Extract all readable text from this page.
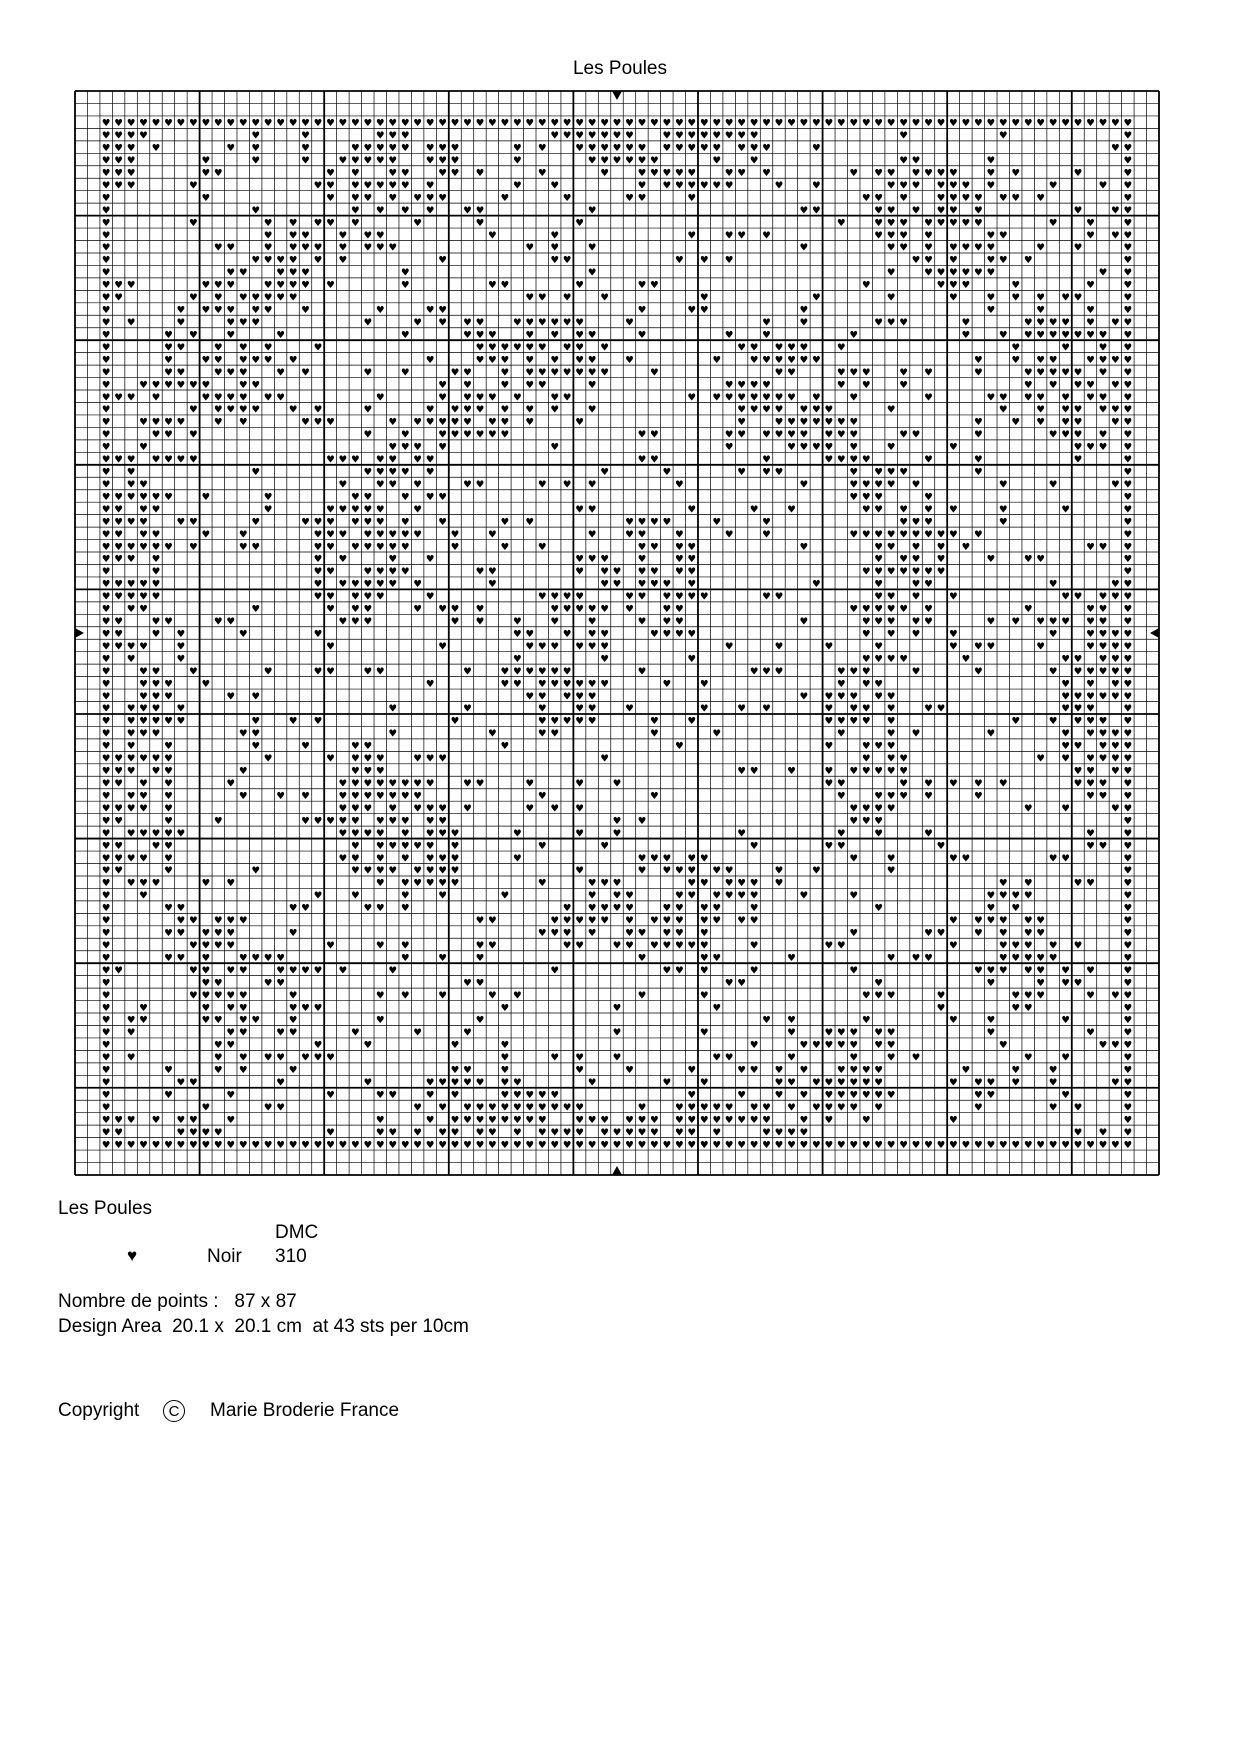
Les Poules
♥ ♥ ♥ ♥ ♥ ♥ ♥ ♥ ♥ ♥ ♥ ♥ ♥ ♥ ♥ ♥ ♥ ♥ ♥ ♥ ♥ ♥ ♥ ♥ ♥ ♥ ♥ ♥ ♥ ♥ ♥ ♥ ♥ ♥ ♥ ♥ ♥ ♥ ♥ ♥ ♥ ♥ ♥ ♥ ♥ ♥ ♥ ♥ ♥ ♥ ♥ ♥ ♥ ♥ ♥ ♥ ♥ ♥ ♥ ♥ ♥ ♥ ♥ ♥ ♥ ♥ ♥ ♥ ♥ ♥ ♥ ♥ ♥ ♥ ♥ ♥ ♥ ♥ ♥ ♥ ♥ ♥ ♥
♥ ♥ ♥ ♥	♥	♥	♥ ♥ ♥	♥ ♥ ♥ ♥ ♥ ♥ ♥	♥ ♥ ♥ ♥ ♥ ♥ ♥ ♥	♥	♥	♥
♥ ♥ ♥ ♥	♥ ♥	♥	♥ ♥ ♥ ♥ ♥ ♥ ♥ ♥	♥ ♥	♥ ♥ ♥ ♥ ♥ ♥ ♥ ♥ ♥ ♥ ♥ ♥ ♥ ♥	♥	♥ ♥
♥ ♥ ♥	♥	♥	♥	♥ ♥ ♥ ♥ ♥	♥ ♥ ♥	♥	♥ ♥ ♥ ♥ ♥ ♥	♥	♥	♥ ♥	♥	♥
♥ ♥ ♥	♥ ♥	♥ ♥	♥ ♥	♥ ♥ ♥	♥	♥	♥ ♥ ♥ ♥ ♥	♥ ♥ ♥	♥ ♥ ♥ ♥ ♥ ♥ ♥	♥ ♥	♥	♥
♥ ♥ ♥	♥	♥ ♥ ♥ ♥ ♥ ♥ ♥ ♥	♥	♥	♥ ♥ ♥ ♥ ♥ ♥ ♥	♥	♥	♥ ♥ ♥ ♥ ♥ ♥ ♥	♥	♥ ♥
♥	♥	♥ ♥ ♥ ♥ ♥ ♥ ♥	♥	♥	♥ ♥	♥	♥ ♥ ♥	♥ ♥ ♥ ♥ ♥ ♥ ♥	♥
♥	♥	♥ ♥ ♥ ♥	♥ ♥	♥	♥ ♥	♥ ♥ ♥ ♥ ♥ ♥	♥	♥ ♥
♥	♥	♥ ♥ ♥ ♥ ♥	♥	♥	♥	♥	♥ ♥ ♥ ♥ ♥ ♥ ♥ ♥	♥	♥	♥
♥	♥ ♥ ♥	♥ ♥ ♥	♥	♥	♥	♥ ♥ ♥	♥ ♥ ♥ ♥	♥ ♥	♥ ♥ ♥
♥	♥ ♥	♥ ♥ ♥ ♥ ♥ ♥ ♥ ♥	♥ ♥	♥	♥	♥ ♥ ♥ ♥ ♥ ♥ ♥	♥	♥	♥
♥	♥ ♥ ♥ ♥ ♥ ♥	♥	♥ ♥	♥ ♥ ♥	♥ ♥ ♥	♥ ♥ ♥	♥
♥	♥ ♥	♥ ♥ ♥	♥	♥	♥	♥ ♥ ♥ ♥ ♥ ♥	♥ ♥
♥ ♥ ♥	♥ ♥ ♥	♥ ♥ ♥ ♥ ♥	♥	♥ ♥	♥	♥ ♥	♥	♥ ♥ ♥	♥	♥	♥
♥ ♥	♥ ♥ ♥ ♥ ♥ ♥ ♥	♥ ♥ ♥	♥	♥	♥	♥	♥	♥ ♥ ♥ ♥ ♥	♥
♥	♥ ♥ ♥ ♥ ♥ ♥	♥	♥	♥ ♥	♥	♥ ♥	♥	♥	♥	♥	♥
♥ ♥	♥	♥ ♥ ♥	♥	♥ ♥ ♥ ♥	♥ ♥ ♥ ♥ ♥ ♥	♥	♥	♥	♥ ♥ ♥	♥	♥ ♥ ♥ ♥ ♥ ♥ ♥
♥	♥ ♥	♥	♥	♥	♥ ♥ ♥	♥ ♥ ♥ ♥	♥	♥	♥	♥	♥	♥ ♥ ♥ ♥ ♥ ♥ ♥ ♥ ♥
♥	♥ ♥	♥ ♥ ♥	♥	♥ ♥ ♥ ♥ ♥ ♥ ♥ ♥ ♥	♥ ♥ ♥ ♥ ♥	♥	♥	♥	♥ ♥
♥	♥	♥ ♥ ♥ ♥ ♥ ♥	♥	♥ ♥ ♥ ♥ ♥ ♥ ♥	♥	♥	♥ ♥ ♥ ♥ ♥ ♥	♥	♥ ♥ ♥	♥ ♥ ♥ ♥
♥	♥ ♥	♥ ♥ ♥	♥ ♥	♥	♥	♥ ♥	♥ ♥ ♥ ♥ ♥ ♥ ♥ ♥	♥	♥ ♥	♥ ♥ ♥	♥ ♥	♥	♥ ♥ ♥ ♥ ♥ ♥ ♥
♥	♥ ♥ ♥ ♥ ♥ ♥	♥ ♥	♥ ♥	♥ ♥ ♥	♥	♥ ♥ ♥ ♥	♥ ♥	♥	♥ ♥ ♥ ♥ ♥ ♥
♥ ♥ ♥ ♥	♥ ♥ ♥ ♥ ♥ ♥	♥	♥ ♥ ♥ ♥ ♥	♥ ♥	♥ ♥ ♥ ♥ ♥ ♥ ♥ ♥ ♥	♥	♥	♥ ♥ ♥ ♥ ♥ ♥ ♥ ♥
♥	♥ ♥ ♥ ♥ ♥	♥ ♥	♥	♥ ♥ ♥ ♥ ♥ ♥ ♥	♥	♥ ♥ ♥ ♥ ♥ ♥ ♥	♥	♥	♥ ♥ ♥ ♥ ♥ ♥
♥	♥ ♥ ♥ ♥	♥ ♥	♥ ♥ ♥	♥ ♥ ♥ ♥ ♥ ♥ ♥ ♥ ♥	♥	♥	♥ ♥ ♥ ♥ ♥ ♥ ♥	♥	♥ ♥ ♥ ♥	♥ ♥
♥	♥ ♥ ♥	♥	♥	♥ ♥ ♥ ♥ ♥ ♥	♥ ♥	♥ ♥ ♥ ♥ ♥ ♥ ♥ ♥ ♥	♥ ♥	♥	♥ ♥ ♥ ♥ ♥
♥	♥	♥ ♥ ♥ ♥	♥	♥	♥ ♥ ♥ ♥ ♥	♥	♥	♥ ♥ ♥ ♥
♥ ♥ ♥ ♥ ♥ ♥ ♥	♥ ♥ ♥ ♥ ♥ ♥ ♥	♥ ♥	♥	♥ ♥ ♥ ♥	♥	♥	♥	♥
♥ ♥	♥	♥ ♥ ♥ ♥ ♥	♥	♥	♥ ♥ ♥	♥ ♥ ♥ ♥	♥	♥
♥ ♥ ♥	♥	♥ ♥ ♥	♥ ♥	♥ ♥ ♥	♥	♥	♥ ♥ ♥ ♥ ♥	♥	♥	♥ ♥
♥ ♥ ♥ ♥ ♥ ♥	♥	♥	♥ ♥	♥ ♥ ♥	♥ ♥ ♥	♥	♥
♥ ♥ ♥ ♥	♥	♥ ♥ ♥ ♥ ♥	♥	♥ ♥	♥	♥	♥	♥ ♥ ♥ ♥ ♥	♥	♥	♥
♥ ♥ ♥ ♥	♥ ♥	♥	♥ ♥ ♥ ♥ ♥ ♥ ♥	♥	♥ ♥	♥ ♥ ♥ ♥	♥	♥	♥ ♥ ♥	♥	♥
♥ ♥ ♥ ♥	♥	♥	♥ ♥ ♥ ♥ ♥ ♥ ♥ ♥	♥	♥	♥	♥ ♥	♥	♥	♥	♥ ♥ ♥ ♥ ♥ ♥ ♥ ♥ ♥ ♥	♥
♥ ♥ ♥ ♥ ♥ ♥ ♥	♥ ♥	♥ ♥ ♥ ♥ ♥ ♥ ♥	♥	♥	♥	♥ ♥ ♥ ♥	♥	♥ ♥ ♥ ♥ ♥	♥ ♥ ♥
♥ ♥ ♥ ♥	♥ ♥	♥	♥	♥ ♥ ♥	♥	♥ ♥	♥ ♥ ♥ ♥	♥	♥ ♥	♥
♥	♥	♥ ♥	♥ ♥ ♥ ♥	♥ ♥	♥ ♥ ♥ ♥ ♥ ♥ ♥	♥ ♥ ♥ ♥ ♥ ♥ ♥	♥
♥ ♥ ♥ ♥ ♥	♥ ♥ ♥ ♥ ♥ ♥ ♥	♥	♥ ♥ ♥ ♥ ♥ ♥	♥	♥	♥ ♥	♥	♥ ♥
♥ ♥ ♥ ♥ ♥	♥ ♥ ♥ ♥ ♥	♥	♥ ♥ ♥ ♥	♥ ♥ ♥ ♥ ♥ ♥	♥ ♥	♥ ♥ ♥	♥	♥ ♥ ♥ ♥ ♥
♥ ♥ ♥	♥	♥ ♥ ♥	♥ ♥ ♥ ♥	♥ ♥ ♥ ♥ ♥ ♥	♥ ♥	♥ ♥ ♥ ♥ ♥ ♥	♥	♥ ♥ ♥
♥ ♥	♥ ♥	♥ ♥	♥ ♥ ♥	♥ ♥	♥	♥	♥	♥ ♥ ♥	♥	♥ ♥ ♥ ♥ ♥	♥ ♥ ♥ ♥ ♥ ♥ ♥ ♥
♥ ♥	♥ ♥	♥	♥	♥ ♥	♥ ♥ ♥	♥ ♥ ♥ ♥	♥ ♥ ♥	♥	♥	♥ ♥ ♥ ♥
♥ ♥ ♥ ♥	♥	♥	♥	♥ ♥ ♥ ♥ ♥ ♥	♥	♥	♥	♥	♥ ♥ ♥	♥	♥ ♥ ♥ ♥
♥ ♥	♥	♥	♥	♥	♥ ♥ ♥ ♥	♥	♥ ♥ ♥ ♥ ♥
♥	♥ ♥	♥	♥	♥ ♥	♥ ♥	♥	♥ ♥ ♥ ♥ ♥ ♥	♥	♥ ♥ ♥	♥ ♥ ♥	♥	♥	♥ ♥ ♥ ♥ ♥ ♥
♥	♥ ♥ ♥	♥	♥	♥ ♥ ♥ ♥ ♥ ♥ ♥ ♥	♥	♥	♥ ♥ ♥	♥ ♥ ♥ ♥
♥	♥ ♥ ♥	♥ ♥	♥ ♥ ♥ ♥ ♥	♥ ♥ ♥ ♥ ♥ ♥	♥ ♥ ♥ ♥ ♥ ♥
♥ ♥ ♥ ♥ ♥	♥	♥	♥	♥ ♥	♥	♥	♥ ♥	♥ ♥ ♥ ♥	♥ ♥	♥ ♥ ♥	♥
♥ ♥ ♥ ♥ ♥ ♥	♥	♥ ♥	♥	♥ ♥ ♥ ♥ ♥	♥	♥	♥ ♥ ♥ ♥ ♥	♥	♥ ♥ ♥ ♥ ♥
♥ ♥ ♥ ♥	♥ ♥	♥	♥	♥ ♥	♥	♥	♥	♥ ♥	♥	♥ ♥ ♥ ♥ ♥
♥ ♥	♥	♥	♥	♥ ♥	♥	♥	♥	♥ ♥ ♥	♥ ♥ ♥ ♥ ♥
♥ ♥ ♥ ♥ ♥ ♥	♥	♥ ♥ ♥ ♥	♥ ♥ ♥	♥	♥ ♥ ♥	♥ ♥ ♥ ♥ ♥ ♥
♥ ♥ ♥ ♥ ♥	♥	♥ ♥ ♥	♥ ♥	♥	♥ ♥ ♥ ♥ ♥ ♥	♥ ♥ ♥ ♥
♥ ♥ ♥ ♥	♥	♥ ♥ ♥ ♥ ♥ ♥ ♥ ♥	♥ ♥	♥	♥	♥	♥ ♥	♥ ♥ ♥ ♥ ♥	♥ ♥ ♥ ♥
♥ ♥ ♥ ♥	♥	♥ ♥	♥ ♥ ♥ ♥ ♥ ♥ ♥	♥	♥	♥	♥ ♥ ♥ ♥	♥	♥ ♥ ♥
♥ ♥ ♥ ♥ ♥	♥ ♥ ♥ ♥ ♥ ♥ ♥ ♥	♥ ♥ ♥	♥ ♥ ♥ ♥	♥	♥	♥ ♥
♥ ♥	♥	♥	♥ ♥ ♥ ♥ ♥ ♥ ♥ ♥ ♥ ♥	♥ ♥	♥ ♥ ♥	♥
♥ ♥ ♥ ♥ ♥ ♥	♥ ♥ ♥ ♥ ♥ ♥ ♥ ♥	♥	♥	♥	♥	♥	♥	♥	♥	♥
♥ ♥	♥ ♥	♥ ♥ ♥ ♥ ♥ ♥ ♥	♥	♥	♥	♥ ♥	♥	♥ ♥ ♥
♥ ♥ ♥ ♥ ♥	♥ ♥ ♥ ♥ ♥ ♥ ♥	♥	♥ ♥ ♥ ♥ ♥	♥	♥	♥ ♥	♥ ♥	♥
♥ ♥	♥	♥	♥ ♥ ♥ ♥ ♥ ♥ ♥ ♥	♥	♥ ♥ ♥ ♥ ♥ ♥	♥	♥	♥	♥
♥ ♥ ♥ ♥	♥ ♥	♥ ♥ ♥ ♥ ♥ ♥	♥	♥ ♥ ♥	♥ ♥ ♥ ♥ ♥ ♥	♥ ♥	♥ ♥	♥
♥	♥	♥	♥	♥	♥	♥	♥ ♥ ♥	♥ ♥ ♥ ♥ ♥ ♥	♥	♥	♥ ♥ ♥ ♥	♥
♥	♥ ♥	♥ ♥	♥ ♥ ♥	♥ ♥ ♥ ♥ ♥	♥ ♥ ♥ ♥	♥	♥	♥ ♥	♥
♥	♥ ♥ ♥ ♥ ♥	♥ ♥	♥ ♥ ♥ ♥ ♥ ♥ ♥ ♥ ♥ ♥ ♥ ♥ ♥	♥ ♥ ♥ ♥ ♥ ♥	♥
♥	♥ ♥ ♥ ♥ ♥	♥	♥ ♥ ♥ ♥	♥ ♥ ♥ ♥ ♥	♥	♥ ♥	♥ ♥ ♥ ♥	♥
♥	♥ ♥ ♥ ♥	♥	♥ ♥	♥ ♥	♥ ♥	♥ ♥ ♥ ♥ ♥ ♥ ♥	♥	♥ ♥	♥	♥ ♥ ♥ ♥ ♥	♥
♥	♥ ♥ ♥	♥ ♥ ♥ ♥	♥	♥	♥	♥	♥ ♥	♥	♥ ♥ ♥	♥ ♥ ♥ ♥ ♥	♥
♥ ♥	♥ ♥ ♥ ♥	♥ ♥ ♥ ♥ ♥	♥	♥	♥ ♥ ♥	♥	♥	♥ ♥ ♥ ♥ ♥ ♥ ♥	♥
♥	♥ ♥	♥ ♥	♥ ♥	♥ ♥	♥	♥	♥ ♥ ♥	♥
♥	♥ ♥ ♥ ♥ ♥	♥	♥ ♥	♥	♥ ♥	♥	♥	♥ ♥ ♥	♥	♥ ♥ ♥	♥ ♥ ♥
♥	♥	♥ ♥ ♥	♥ ♥ ♥	♥	♥	♥	♥	♥ ♥	♥
♥ ♥ ♥	♥ ♥ ♥ ♥	♥	♥	♥	♥ ♥	♥	♥	♥	♥	♥
♥ ♥	♥ ♥	♥ ♥	♥	♥	♥	♥	♥	♥	♥ ♥ ♥ ♥ ♥	♥	♥	♥
♥	♥ ♥	♥	♥	♥	♥	♥	♥ ♥ ♥ ♥ ♥ ♥ ♥	♥	♥ ♥ ♥
♥ ♥	♥ ♥ ♥ ♥ ♥ ♥ ♥	♥	♥ ♥	♥	♥ ♥	♥	♥	♥ ♥	♥	♥	♥
♥	♥	♥ ♥	♥	♥ ♥	♥	♥	♥	♥	♥ ♥ ♥ ♥	♥ ♥ ♥ ♥	♥	♥	♥	♥
♥	♥ ♥	♥	♥	♥ ♥ ♥ ♥ ♥ ♥ ♥	♥	♥	♥	♥ ♥ ♥ ♥ ♥ ♥ ♥ ♥	♥ ♥ ♥ ♥	♥	♥ ♥
♥	♥	♥	♥	♥ ♥	♥ ♥	♥ ♥ ♥ ♥ ♥	♥	♥	♥ ♥ ♥ ♥ ♥ ♥ ♥ ♥	♥ ♥	♥	♥
♥	♥	♥ ♥	♥ ♥ ♥ ♥ ♥ ♥ ♥ ♥ ♥ ♥ ♥ ♥	♥	♥ ♥ ♥ ♥ ♥ ♥ ♥ ♥ ♥ ♥ ♥ ♥ ♥	♥	♥ ♥	♥
♥ ♥ ♥ ♥ ♥ ♥	♥	♥	♥ ♥ ♥ ♥ ♥ ♥ ♥ ♥ ♥	♥ ♥ ♥ ♥ ♥ ♥ ♥ ♥ ♥ ♥ ♥ ♥ ♥ ♥	♥ ♥	♥	♥	♥
♥ ♥	♥ ♥ ♥ ♥	♥	♥ ♥ ♥ ♥ ♥ ♥ ♥ ♥ ♥ ♥ ♥ ♥ ♥ ♥ ♥ ♥ ♥ ♥ ♥ ♥	♥ ♥ ♥ ♥	♥ ♥ ♥
♥ ♥ ♥ ♥ ♥ ♥ ♥ ♥ ♥ ♥ ♥ ♥ ♥ ♥ ♥ ♥ ♥ ♥ ♥ ♥ ♥ ♥ ♥ ♥ ♥ ♥ ♥ ♥ ♥ ♥ ♥ ♥ ♥ ♥ ♥ ♥ ♥ ♥ ♥ ♥ ♥ ♥ ♥ ♥ ♥ ♥ ♥ ♥ ♥ ♥ ♥ ♥ ♥ ♥ ♥ ♥ ♥ ♥ ♥ ♥ ♥ ♥ ♥ ♥ ♥ ♥ ♥ ♥ ♥ ♥ ♥ ♥ ♥ ♥ ♥ ♥ ♥ ♥ ♥ ♥ ♥ ♥ ♥
Les Poules
DMC
♥	Noir 310
Nombre de points : 87 x 87
Design Area  20.1 x  20.1 cm  at 43 sts per 10cm
Copyright	C Marie Broderie France
